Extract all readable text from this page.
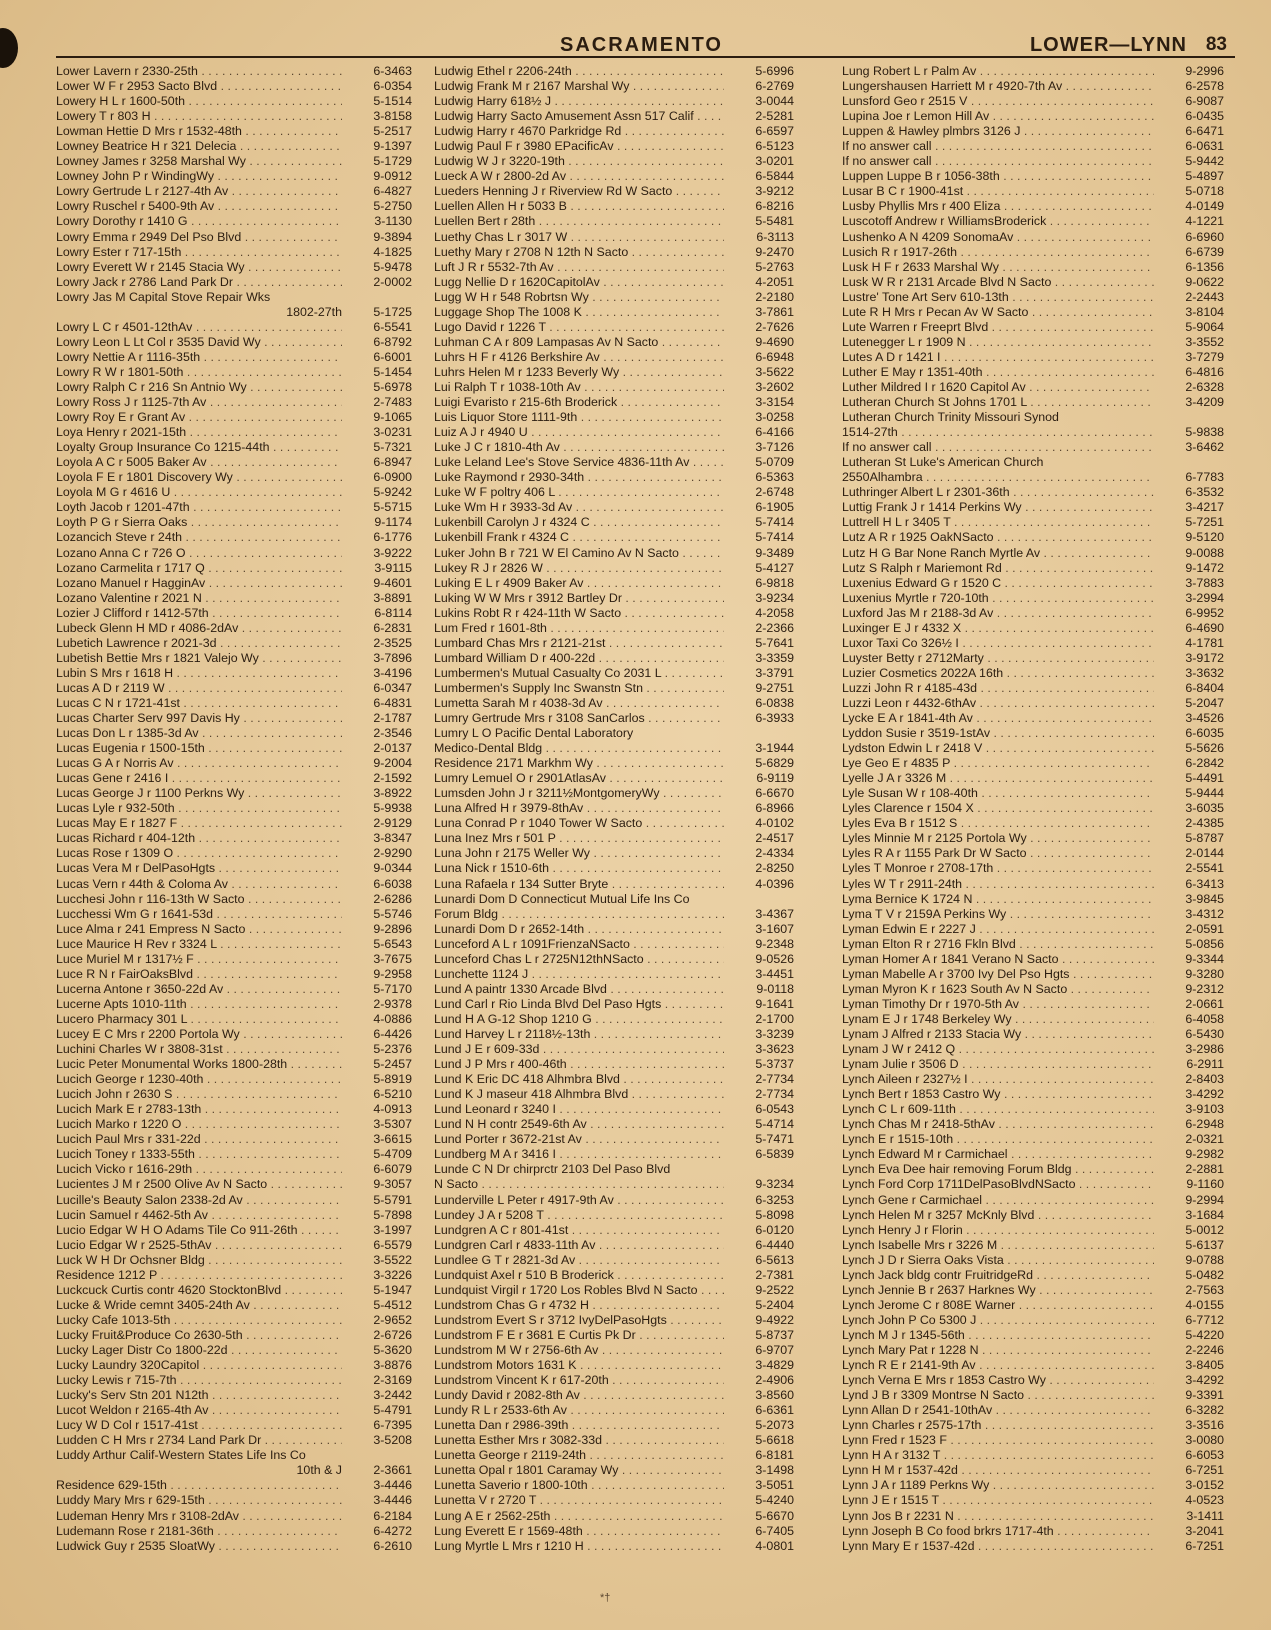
SACRAMENTO	LOWER—LYNN 83
Lower Lavern r 2330-25th . . .	6-3463
Lower W F r 2953 Sacto Blvd . . .	6-0354
Lowery H L r 1600-50th . . .	5-1514
Lowery T r 803 H . . .	3-8158
Lowman Hettie D Mrs r 1532-48th . . .	5-2517
Lowney Beatrice H r 321 Delecia . . .	9-1397
Lowney James r 3258 Marshal Wy . . .	5-1729
Lowney John P r WindingWy . . .	9-0912
Lowry Gertrude L r 2127-4th Av . . .	6-4827
Lowry Ruschel r 5400-9th Av . . .	5-2750
Lowry Dorothy r 1410 G . . .	3-1130
Lowry Emma r 2949 Del Pso Blvd . . .	9-3894
Lowry Ester r 717-15th . . .	4-1825
Lowry Everett W r 2145 Stacia Wy . . .	5-9478
Lowry Jack r 2786 Land Park Dr . . .	2-0002
Lowry Jas M Capital Stove Repair Wks
1802-27th	5-1725
Lowry L C r 4501-12thAv . . .	6-5541
Lowry Leon L Lt Col r 3535 David Wy . . .	6-8792
Lowry Nettie A r 1116-35th . . .	6-6001
Lowry R W r 1801-50th . . .	5-1454
Lowry Ralph C r 216 Sn Antnio Wy . . .	5-6978
Lowry Ross J r 1125-7th Av . . .	2-7483
Lowry Roy E r Grant Av . . .	9-1065
Loya Henry r 2021-15th . . .	3-0231
Loyalty Group Insurance Co 1215-44th . . .	5-7321
Loyola A C r 5005 Baker Av . . .	6-8947
Loyola F E r 1801 Discovery Wy . . .	6-0900
Loyola M G r 4616 U . . .	5-9242
Loyth Jacob r 1201-47th . . .	5-5715
Loyth P G r Sierra Oaks . . .	9-1174
Lozancich Steve r 24th . . .	6-1776
Lozano Anna C r 726 O . . .	3-9222
Lozano Carmelita r 1717 Q . . .	3-9115
Lozano Manuel r HagginAv . . .	9-4601
Lozano Valentine r 2021 N . . .	3-8891
Lozier J Clifford r 1412-57th . . .	6-8114
Lubeck Glenn H MD r 4086-2dAv . . .	6-2831
Lubetich Lawrence r 2021-3d . . .	2-3525
Lubetish Bettie Mrs r 1821 Valejo Wy . . .	3-7896
Lubin S Mrs r 1618 H . . .	3-4196
Lucas A D r 2119 W . . .	6-0347
Lucas C N r 1721-41st . . .	6-4831
Lucas Charter Serv 997 Davis Hy . . .	2-1787
Lucas Don L r 1385-3d Av . . .	2-3546
Lucas Eugenia r 1500-15th . . .	2-0137
Lucas G A r Norris Av . . .	9-2004
Lucas Gene r 2416 I . . .	2-1592
Lucas George J r 1100 Perkns Wy . . .	3-8922
Lucas Lyle r 932-50th . . .	5-9938
Lucas May E r 1827 F . . .	2-9129
Lucas Richard r 404-12th . . .	3-8347
Lucas Rose r 1309 O . . .	2-9290
Lucas Vera M r DelPasoHgts . . .	9-0344
Lucas Vern r 44th & Coloma Av . . .	6-6038
Lucchesi John r 116-13th W Sacto . . .	2-6286
Lucchessi Wm G r 1641-53d . . .	5-5746
Luce Alma r 241 Empress N Sacto . . .	9-2896
Luce Maurice H Rev r 3324 L . . .	5-6543
Luce Muriel M r 1317½ F . . .	3-7675
Luce R N r FairOaksBlvd . . .	9-2958
Lucerna Antone r 3650-22d Av . . .	5-7170
Lucerne Apts 1010-11th . . .	2-9378
Lucero Pharmacy 301 L . . .	4-0886
Lucey E C Mrs r 2200 Portola Wy . . .	6-4426
Luchini Charles W r 3808-31st . . .	5-2376
Lucic Peter Monumental Works 1800-28th . . .	5-2457
Lucich George r 1230-40th . . .	5-8919
Lucich John r 2630 S . . .	6-5210
Lucich Mark E r 2783-13th . . .	4-0913
Lucich Marko r 1220 O . . .	3-5307
Lucich Paul Mrs r 331-22d . . .	3-6615
Lucich Toney r 1333-55th . . .	5-4709
Lucich Vicko r 1616-29th . . .	6-6079
Lucientes J M r 2500 Olive Av N Sacto . . .	9-3057
Lucille's Beauty Salon 2338-2d Av . . .	5-5791
Lucin Samuel r 4462-5th Av . . .	5-7898
Lucio Edgar W H O Adams Tile Co 911-26th . . .	3-1997
Lucio Edgar W r 2525-5thAv . . .	6-5579
Luck W H Dr Ochsner Bldg . . .	3-5522
Residence 1212 P . . .	3-3226
Luckcuck Curtis contr 4620 StocktonBlvd . . .	5-1947
Lucke & Wride cemnt 3405-24th Av . . .	5-4512
Lucky Cafe 1013-5th . . .	2-9652
Lucky Fruit&Produce Co 2630-5th . . .	2-6726
Lucky Lager Distr Co 1800-22d . . .	5-3620
Lucky Laundry 320Capitol . . .	3-8876
Lucky Lewis r 715-7th . . .	2-3169
Lucky's Serv Stn 201 N12th . . .	3-2442
Lucot Weldon r 2165-4th Av . . .	5-4791
Lucy W D Col r 1517-41st . . .	6-7395
Ludden C H Mrs r 2734 Land Park Dr . . .	3-5208
Luddy Arthur Calif-Western States Life Ins Co
10th & J	2-3661
Residence 629-15th . . .	3-4446
Luddy Mary Mrs r 629-15th . . .	3-4446
Ludeman Henry Mrs r 3108-2dAv . . .	6-2184
Ludemann Rose r 2181-36th . . .	6-4272
Ludwick Guy r 2535 SloatWy . . .	6-2610
Ludwig Ethel r 2206-24th . . .	5-6996
Ludwig Frank M r 2167 Marshal Wy . . .	6-2769
Ludwig Harry 618½ J . . .	3-0044
Ludwig Harry Sacto Amusement Assn 517 Calif . . .	2-5281
Ludwig Harry r 4670 Parkridge Rd . . .	6-6597
Ludwig Paul F r 3980 EPacificAv . . .	6-5123
Ludwig W J r 3220-19th . . .	3-0201
Lueck A W r 2800-2d Av . . .	6-5844
Lueders Henning J r Riverview Rd W Sacto . . .	3-9212
Luellen Allen H r 5033 B . . .	6-8216
Luellen Bert r 28th . . .	5-5481
Luethy Chas L r 3017 W . . .	6-3113
Luethy Mary r 2708 N 12th N Sacto . . .	9-2470
Luft J R r 5532-7th Av . . .	5-2763
Lugg Nellie D r 1620CapitolAv . . .	4-2051
Lugg W H r 548 Robrtsn Wy . . .	2-2180
Luggage Shop The 1008 K . . .	3-7861
Lugo David r 1226 T . . .	2-7626
Luhman C A r 809 Lampasas Av N Sacto . . .	9-4690
Luhrs H F r 4126 Berkshire Av . . .	6-6948
Luhrs Helen M r 1233 Beverly Wy . . .	3-5622
Lui Ralph T r 1038-10th Av . . .	3-2602
Luigi Evaristo r 215-6th Broderick . . .	3-3154
Luis Liquor Store 1111-9th . . .	3-0258
Luiz A J r 4940 U . . .	6-4166
Luke J C r 1810-4th Av . . .	3-7126
Luke Leland Lee's Stove Service 4836-11th Av . . .	5-0709
Luke Raymond r 2930-34th . . .	6-5363
Luke W F poltry 406 L . . .	2-6748
Luke Wm H r 3933-3d Av . . .	6-1905
Lukenbill Carolyn J r 4324 C . . .	5-7414
Lukenbill Frank r 4324 C . . .	5-7414
Luker John B r 721 W El Camino Av N Sacto . . .	9-3489
Lukey R J r 2826 W . . .	5-4127
Luking E L r 4909 Baker Av . . .	6-9818
Luking W W Mrs r 3912 Bartley Dr . . .	3-9234
Lukins Robt R r 424-11th W Sacto . . .	4-2058
Lum Fred r 1601-8th . . .	2-2366
Lumbard Chas Mrs r 2121-21st . . .	5-7641
Lumbard William D r 400-22d . . .	3-3359
Lumbermen's Mutual Casualty Co 2031 L . . .	3-3791
Lumbermen's Supply Inc Swanstn Stn . . .	9-2751
Lumetta Sarah M r 4038-3d Av . . .	6-0838
Lumry Gertrude Mrs r 3108 SanCarlos . . .	6-3933
Lumry L O Pacific Dental Laboratory
Medico-Dental Bldg . . .	3-1944
Residence 2171 Markhm Wy . . .	5-6829
Lumry Lemuel O r 2901AtlasAv . . .	6-9119
Lumsden John J r 3211½MontgomeryWy . . .	6-6670
Luna Alfred H r 3979-8thAv . . .	6-8966
Luna Conrad P r 1040 Tower W Sacto . . .	4-0102
Luna Inez Mrs r 501 P . . .	2-4517
Luna John r 2175 Weller Wy . . .	2-4334
Luna Nick r 1510-6th . . .	2-8250
Luna Rafaela r 134 Sutter Bryte . . .	4-0396
Lunardi Dom D Connecticut Mutual Life Ins Co
Forum Bldg . . .	3-4367
Lunardi Dom D r 2652-14th . . .	3-1607
Lunceford A L r 1091FrienzaNSacto . . .	9-2348
Lunceford Chas L r 2725N12thNSacto . . .	9-0526
Lunchette 1124 J . . .	3-4451
Lund A paintr 1330 Arcade Blvd . . .	9-0118
Lund Carl r Rio Linda Blvd Del Paso Hgts . . .	9-1641
Lund H A G-12 Shop 1210 G . . .	2-1700
Lund Harvey L r 2118½-13th . . .	3-3239
Lund J E r 609-33d . . .	3-3623
Lund J P Mrs r 400-46th . . .	5-3737
Lund K Eric DC 418 Alhmbra Blvd . . .	2-7734
Lund K J maseur 418 Alhmbra Blvd . . .	2-7734
Lund Leonard r 3240 I . . .	6-0543
Lund N H contr 2549-6th Av . . .	5-4714
Lund Porter r 3672-21st Av . . .	5-7471
Lundberg M A r 3416 I . . .	6-5839
Lunde C N Dr chirprctr 2103 Del Paso Blvd
N Sacto . . .	9-3234
Lunderville L Peter r 4917-9th Av . . .	6-3253
Lundey J A r 5208 T . . .	5-8098
Lundgren A C r 801-41st . . .	6-0120
Lundgren Carl r 4833-11th Av . . .	6-4440
Lundlee G T r 2821-3d Av . . .	6-5613
Lundquist Axel r 510 B Broderick . . .	2-7381
Lundquist Virgil r 1720 Los Robles Blvd N Sacto . . .	9-2522
Lundstrom Chas G r 4732 H . . .	5-2404
Lundstrom Evert S r 3712 IvyDelPasoHgts . . .	9-4922
Lundstrom F E r 3681 E Curtis Pk Dr . . .	5-8737
Lundstrom M W r 2756-6th Av . . .	6-9707
Lundstrom Motors 1631 K . . .	3-4829
Lundstrom Vincent K r 617-20th . . .	2-4906
Lundy David r 2082-8th Av . . .	3-8560
Lundy R L r 2533-6th Av . . .	6-6361
Lunetta Dan r 2986-39th . . .	5-2073
Lunetta Esther Mrs r 3082-33d . . .	5-6618
Lunetta George r 2119-24th . . .	6-8181
Lunetta Opal r 1801 Caramay Wy . . .	3-1498
Lunetta Saverio r 1800-10th . . .	3-5051
Lunetta V r 2720 T . . .	5-4240
Lung A E r 2562-25th . . .	5-6670
Lung Everett E r 1569-48th . . .	6-7405
Lung Myrtle L Mrs r 1210 H . . .	4-0801
Lung Robert L r Palm Av . . .	9-2996
Lungershausen Harriett M r 4920-7th Av . . .	6-2578
Lunsford Geo r 2515 V . . .	6-9087
Lupina Joe r Lemon Hill Av . . .	6-0435
Luppen & Hawley plmbrs 3126 J . . .	6-6471
If no answer call . . .	6-0631
If no answer call . . .	5-9442
Luppen Luppe B r 1056-38th . . .	5-4897
Lusar B C r 1900-41st . . .	5-0718
Lusby Phyllis Mrs r 400 Eliza . . .	4-0149
Luscotoff Andrew r WilliamsBroderick . . .	4-1221
Lushenko A N 4209 SonomaAv . . .	6-6960
Lusich R r 1917-26th . . .	6-6739
Lusk H F r 2633 Marshal Wy . . .	6-1356
Lusk W R r 2131 Arcade Blvd N Sacto . . .	9-0622
Lustre' Tone Art Serv 610-13th . . .	2-2443
Lute R H Mrs r Pecan Av W Sacto . . .	3-8104
Lute Warren r Freeprt Blvd . . .	5-9064
Lutenegger L r 1909 N . . .	3-3552
Lutes A D r 1421 I . . .	3-7279
Luther E May r 1351-40th . . .	6-4816
Luther Mildred I r 1620 Capitol Av . . .	2-6328
Lutheran Church St Johns 1701 L . . .	3-4209
Lutheran Church Trinity Missouri Synod
1514-27th . . .	5-9838
If no answer call . . .	3-6462
Lutheran St Luke's American Church
2550Alhambra . . .	6-7783
Luthringer Albert L r 2301-36th . . .	6-3532
Luttig Frank J r 1414 Perkins Wy . . .	3-4217
Luttrell H L r 3405 T . . .	5-7251
Lutz A R r 1925 OakNSacto . . .	9-5120
Lutz H G Bar None Ranch Myrtle Av . . .	9-0088
Lutz S Ralph r Mariemont Rd . . .	9-1472
Luxenius Edward G r 1520 C . . .	3-7883
Luxenius Myrtle r 720-10th . . .	3-2994
Luxford Jas M r 2188-3d Av . . .	6-9952
Luxinger E J r 4332 X . . .	6-4690
Luxor Taxi Co 326½ I . . .	4-1781
Luyster Betty r 2712Marty . . .	3-9172
Luzier Cosmetics 2022A 16th . . .	3-3632
Luzzi John R r 4185-43d . . .	6-8404
Luzzi Leon r 4432-6thAv . . .	5-2047
Lycke E A r 1841-4th Av . . .	3-4526
Lyddon Susie r 3519-1stAv . . .	6-6035
Lydston Edwin L r 2418 V . . .	5-5626
Lye Geo E r 4835 P . . .	6-2842
Lyelle J A r 3326 M . . .	5-4491
Lyle Susan W r 108-40th . . .	5-9444
Lyles Clarence r 1504 X . . .	3-6035
Lyles Eva B r 1512 S . . .	2-4385
Lyles Minnie M r 2125 Portola Wy . . .	5-8787
Lyles R A r 1155 Park Dr W Sacto . . .	2-0144
Lyles T Monroe r 2708-17th . . .	2-5541
Lyles W T r 2911-24th . . .	6-3413
Lyma Bernice K 1724 N . . .	3-9845
Lyma T V r 2159A Perkins Wy . . .	3-4312
Lyman Edwin E r 2227 J . . .	2-0591
Lyman Elton R r 2716 Fkln Blvd . . .	5-0856
Lyman Homer A r 1841 Verano N Sacto . . .	9-3344
Lyman Mabelle A r 3700 Ivy Del Pso Hgts . . .	9-3280
Lyman Myron K r 1623 South Av N Sacto . . .	9-2312
Lyman Timothy Dr r 1970-5th Av . . .	2-0661
Lynam E J r 1748 Berkeley Wy . . .	6-4058
Lynam J Alfred r 2133 Stacia Wy . . .	6-5430
Lynam J W r 2412 Q . . .	3-2986
Lynam Julie r 3506 D . . .	6-2911
Lynch Aileen r 2327½ I . . .	2-8403
Lynch Bert r 1853 Castro Wy . . .	3-4292
Lynch C L r 609-11th . . .	3-9103
Lynch Chas M r 2418-5thAv . . .	6-2948
Lynch E r 1515-10th . . .	2-0321
Lynch Edward M r Carmichael . . .	9-2982
Lynch Eva Dee hair removing Forum Bldg . . .	2-2881
Lynch Ford Corp 1711DelPasoBlvdNSacto . . .	9-1160
Lynch Gene r Carmichael . . .	9-2994
Lynch Helen M r 3257 McKnly Blvd . . .	3-1684
Lynch Henry J r Florin . . .	5-0012
Lynch Isabelle Mrs r 3226 M . . .	5-6137
Lynch J D r Sierra Oaks Vista . . .	9-0788
Lynch Jack bldg contr FruitridgeRd . . .	5-0482
Lynch Jennie B r 2637 Harknes Wy . . .	2-7563
Lynch Jerome C r 808E Warner . . .	4-0155
Lynch John P Co 5300 J . . .	6-7712
Lynch M J r 1345-56th . . .	5-4220
Lynch Mary Pat r 1228 N . . .	2-2246
Lynch R E r 2141-9th Av . . .	3-8405
Lynch Verna E Mrs r 1853 Castro Wy . . .	3-4292
Lynd J B r 3309 Montrse N Sacto . . .	9-3391
Lynn Allan D r 2541-10thAv . . .	6-3282
Lynn Charles r 2575-17th . . .	3-3516
Lynn Fred r 1523 F . . .	3-0080
Lynn H A r 3132 T . . .	6-6053
Lynn H M r 1537-42d . . .	6-7251
Lynn J A r 1189 Perkns Wy . . .	3-0152
Lynn J E r 1515 T . . .	4-0523
Lynn Jos B r 2231 N . . .	3-1411
Lynn Joseph B Co food brkrs 1717-4th . . .	3-2041
Lynn Mary E r 1537-42d . . .	6-7251
*†
